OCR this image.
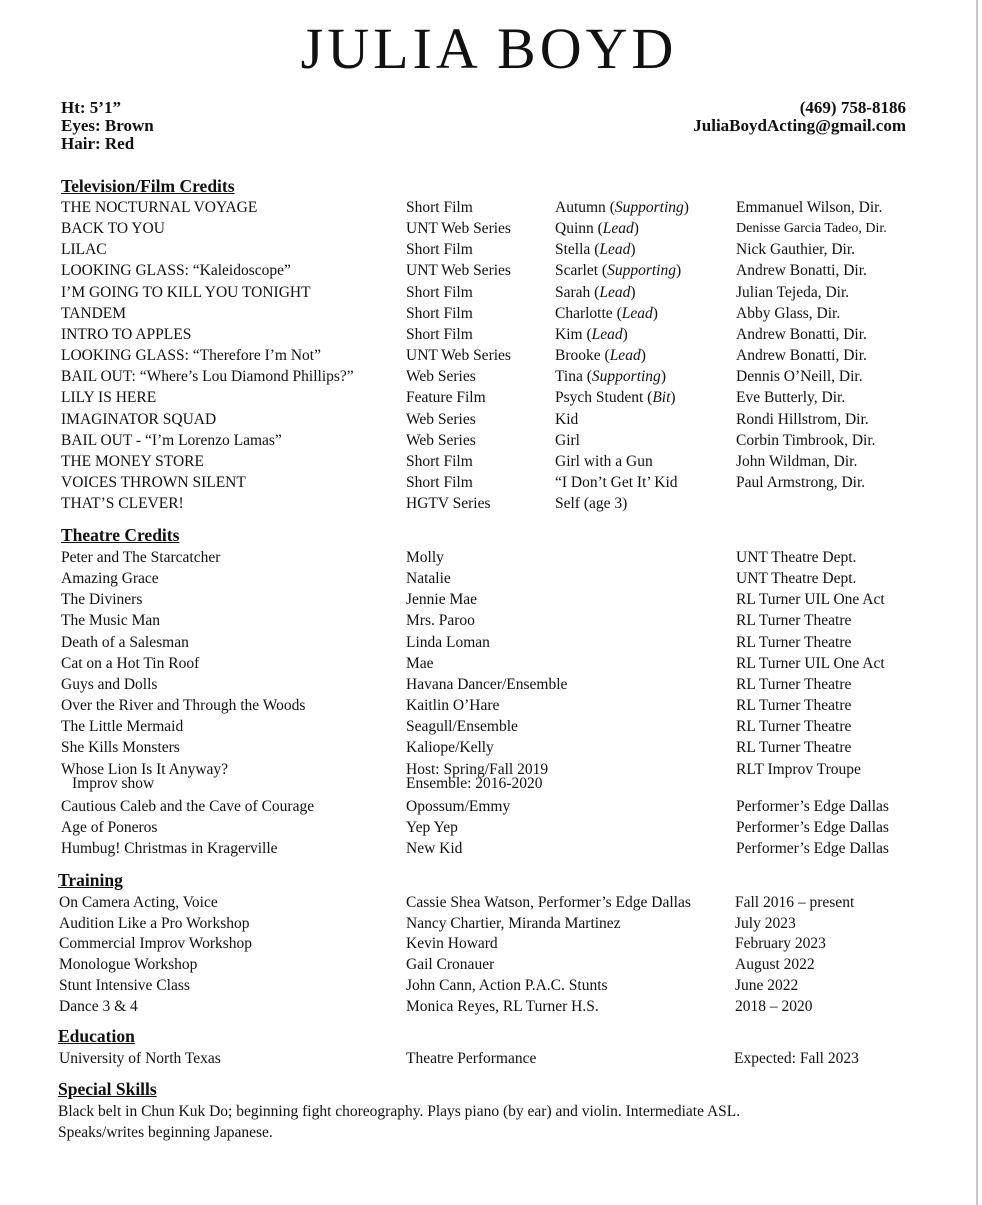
JULIA BOYD
Ht: 5’1”
Eyes: Brown
Hair: Red
(469) 758-8186
JuliaBoydActing@gmail.com
Television/Film Credits
THE NOCTURNAL VOYAGE	Short Film	Autumn (Supporting)	Emmanuel Wilson, Dir.
BACK TO YOU	UNT Web Series	Quinn (Lead)	Denisse Garcia Tadeo, Dir.
LILAC	Short Film	Stella (Lead)	Nick Gauthier, Dir.
LOOKING GLASS: “Kaleidoscope”	UNT Web Series	Scarlet (Supporting)	Andrew Bonatti, Dir.
I’M GOING TO KILL YOU TONIGHT	Short Film	Sarah (Lead)	Julian Tejeda, Dir.
TANDEM	Short Film	Charlotte (Lead)	Abby Glass, Dir.
INTRO TO APPLES	Short Film	Kim (Lead)	Andrew Bonatti, Dir.
LOOKING GLASS: “Therefore I’m Not”	UNT Web Series	Brooke (Lead)	Andrew Bonatti, Dir.
BAIL OUT: “Where’s Lou Diamond Phillips?”	Web Series	Tina (Supporting)	Dennis O’Neill, Dir.
LILY IS HERE	Feature Film	Psych Student (Bit)	Eve Butterly, Dir.
IMAGINATOR SQUAD	Web Series	Kid	Rondi Hillstrom, Dir.
BAIL OUT - “I’m Lorenzo Lamas”	Web Series	Girl	Corbin Timbrook, Dir.
THE MONEY STORE	Short Film	Girl with a Gun	John Wildman, Dir.
VOICES THROWN SILENT	Short Film	“I Don’t Get It’ Kid	Paul Armstrong, Dir.
THAT’S CLEVER!	HGTV Series	Self (age 3)
Theatre Credits
Peter and The Starcatcher	Molly	UNT Theatre Dept.
Amazing Grace	Natalie	UNT Theatre Dept.
The Diviners	Jennie Mae	RL Turner UIL One Act
The Music Man	Mrs. Paroo	RL Turner Theatre
Death of a Salesman	Linda Loman	RL Turner Theatre
Cat on a Hot Tin Roof	Mae	RL Turner UIL One Act
Guys and Dolls	Havana Dancer/Ensemble	RL Turner Theatre
Over the River and Through the Woods	Kaitlin O’Hare	RL Turner Theatre
The Little Mermaid	Seagull/Ensemble	RL Turner Theatre
She Kills Monsters	Kaliope/Kelly	RL Turner Theatre
Whose Lion Is It Anyway?	Host: Spring/Fall 2019	RLT Improv Troupe
Improv show	Ensemble: 2016-2020
Cautious Caleb and the Cave of Courage	Opossum/Emmy	Performer’s Edge Dallas
Age of Poneros	Yep Yep	Performer’s Edge Dallas
Humbug! Christmas in Kragerville	New Kid	Performer’s Edge Dallas
Training
On Camera Acting, Voice	Cassie Shea Watson, Performer’s Edge Dallas	Fall 2016 – present
Audition Like a Pro Workshop	Nancy Chartier, Miranda Martinez	July 2023
Commercial Improv Workshop	Kevin Howard	February 2023
Monologue Workshop	Gail Cronauer	August 2022
Stunt Intensive Class	John Cann, Action P.A.C. Stunts	June 2022
Dance 3 & 4	Monica Reyes, RL Turner H.S.	2018 – 2020
Education
University of North Texas	Theatre Performance	Expected: Fall 2023
Special Skills
Black belt in Chun Kuk Do; beginning fight choreography. Plays piano (by ear) and violin. Intermediate ASL.
Speaks/writes beginning Japanese.
